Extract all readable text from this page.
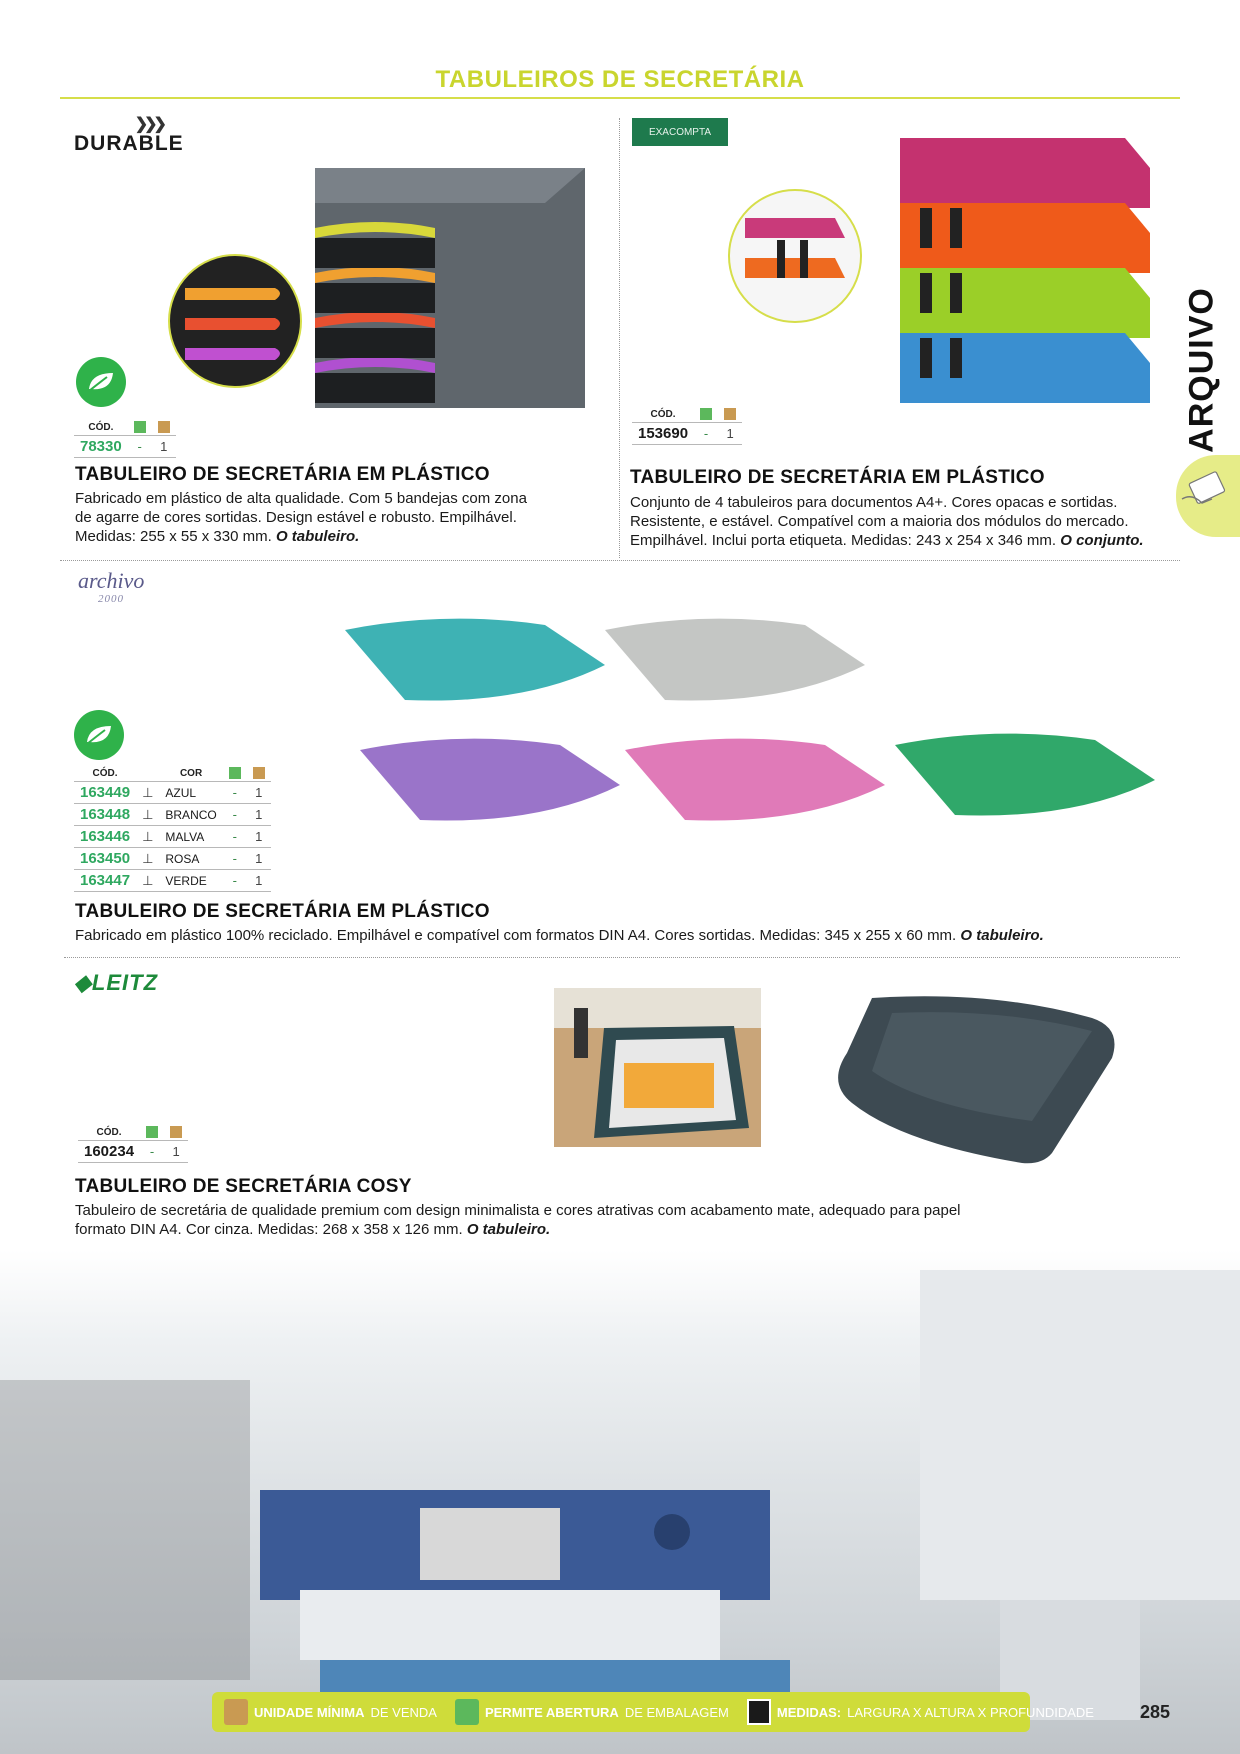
TABULEIROS DE SECRETÁRIA
ARQUIVO
❯❯❯
DURABLE
CÓD.		
78330	-	1
TABULEIRO DE SECRETÁRIA EM PLÁSTICO
Fabricado em plástico de alta qualidade. Com 5 bandejas com zona de agarre de cores sortidas. Design estável e robusto. Empilhável. Medidas: 255 x 55 x 330 mm. O tabuleiro.
EXACOMPTA
CÓD.		
153690	-	1
TABULEIRO DE SECRETÁRIA EM PLÁSTICO
Conjunto de 4 tabuleiros para documentos A4+. Cores opacas e sortidas. Resistente, e estável. Compatível com a maioria dos módulos do mercado. Empilhável. Inclui porta etiqueta. Medidas: 243 x 254 x 346 mm. O conjunto.
archivo
2000
CÓD.		COR		
163449	⊥	AZUL	-	1
163448	⊥	BRANCO	-	1
163446	⊥	MALVA	-	1
163450	⊥	ROSA	-	1
163447	⊥	VERDE	-	1
TABULEIRO DE SECRETÁRIA EM PLÁSTICO
Fabricado em plástico 100% reciclado. Empilhável e compatível com formatos DIN A4. Cores sortidas. Medidas: 345 x 255 x 60 mm. O tabuleiro.
◆LEITZ
CÓD.		
160234	-	1
TABULEIRO DE SECRETÁRIA COSY
Tabuleiro de secretária de qualidade premium com design minimalista e cores atrativas com acabamento mate, adequado para papel formato DIN A4. Cor cinza. Medidas: 268 x 358 x 126 mm. O tabuleiro.
UNIDADE MÍNIMA DE VENDA	PERMITE ABERTURA DE EMBALAGEM	MEDIDAS: LARGURA X ALTURA X PROFUNDIDADE	285
